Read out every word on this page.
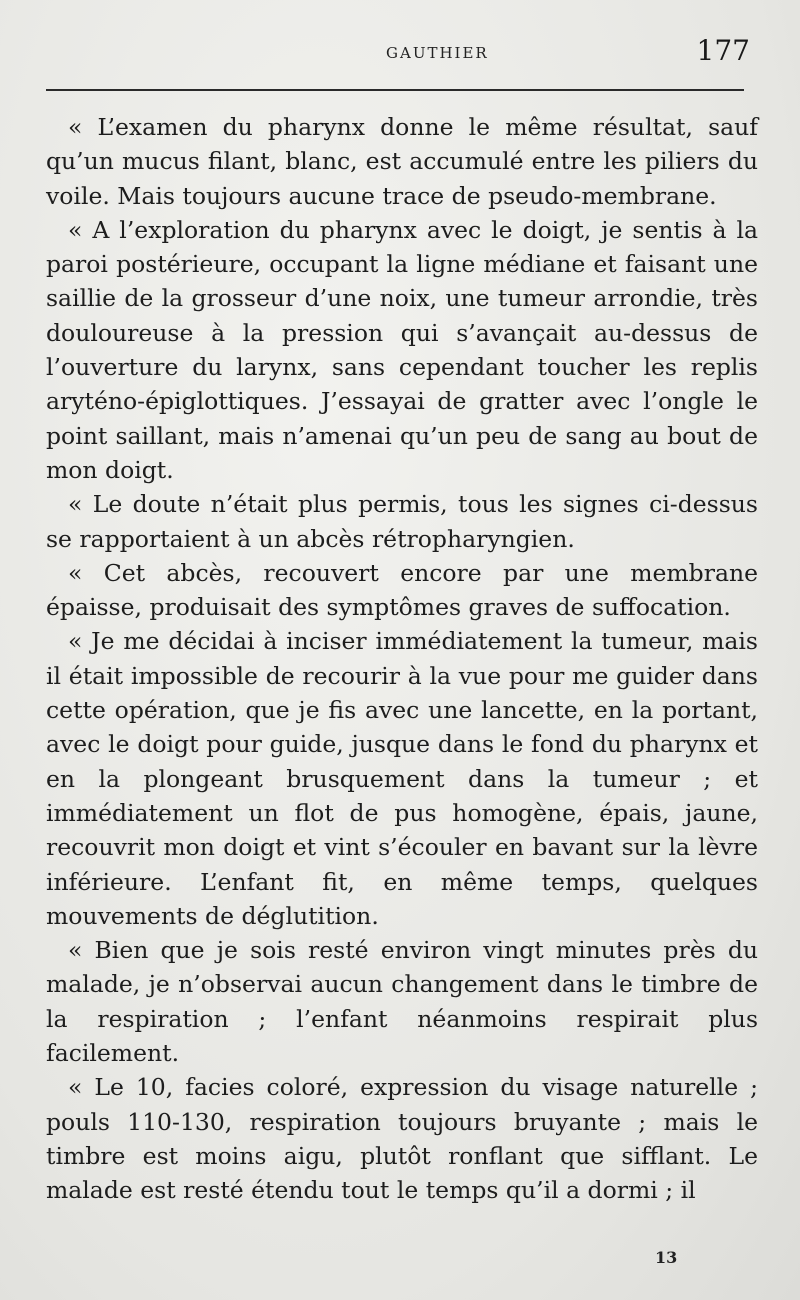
GAUTHIER	177

« L’examen du pharynx donne le même résultat, sauf qu’un mucus filant, blanc, est accumulé entre les piliers du voile. Mais toujours aucune trace de pseudo-membrane.

« A l’exploration du pharynx avec le doigt, je sentis à la paroi postérieure, occupant la ligne médiane et faisant une saillie de la grosseur d’une noix, une tumeur arrondie, très douloureuse à la pression qui s’avançait au-dessus de l’ouverture du larynx, sans cependant toucher les replis aryténo-épiglottiques. J’essayai de gratter avec l’ongle le point saillant, mais n’amenai qu’un peu de sang au bout de mon doigt.

« Le doute n’était plus permis, tous les signes ci-dessus se rapportaient à un abcès rétropharyngien.

« Cet abcès, recouvert encore par une membrane épaisse, produisait des symptômes graves de suffocation.

« Je me décidai à inciser immédiatement la tumeur, mais il était impossible de recourir à la vue pour me guider dans cette opération, que je fis avec une lancette, en la portant, avec le doigt pour guide, jusque dans le fond du pharynx et en la plongeant brusquement dans la tumeur ; et immédiatement un flot de pus homogène, épais, jaune, recouvrit mon doigt et vint s’écouler en bavant sur la lèvre inférieure. L’enfant fit, en même temps, quelques mouvements de déglutition.

« Bien que je sois resté environ vingt minutes près du malade, je n’observai aucun changement dans le timbre de la respiration ; l’enfant néanmoins respirait plus facilement.

« Le 10, facies coloré, expression du visage naturelle ; pouls 110-130, respiration toujours bruyante ; mais le timbre est moins aigu, plutôt ronflant que sifflant. Le malade est resté étendu tout le temps qu’il a dormi ; il

13
